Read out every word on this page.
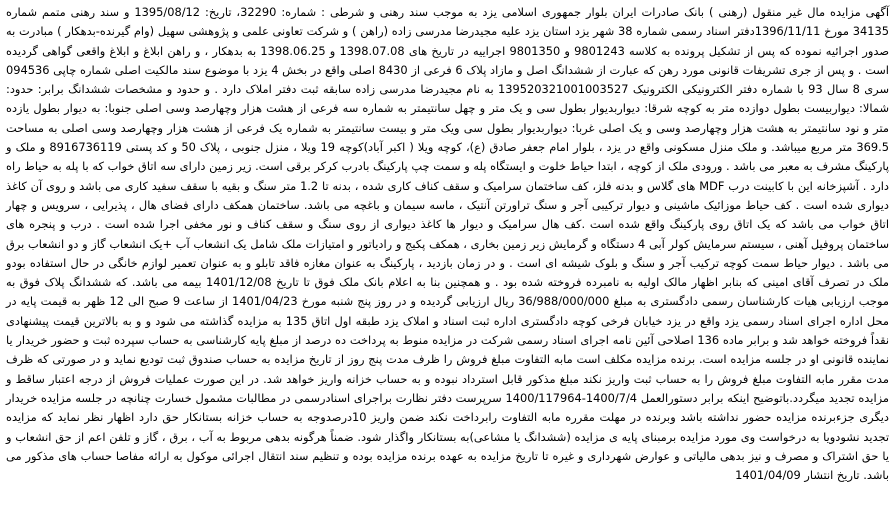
آگهی مزایده مال غیر منقول (رهنی ) بانک صادرات ایران بلوار جمهوری اسلامی یزد به موجب سند رهنی و شرطی : شماره: 32290، تاریخ: 1395/08/12 و سند رهنی متمم شماره 34135 مورخ 1396/11/11دفتر اسناد رسمی شماره 38 شهر یزد استان یزد علیه مجیدرضا مدرسی زاده (راهن ) و شرکت تعاونی علمی و پژوهشی سهیل (وام گیرنده-بدهکار ) مبادرت به صدور اجرائیه نموده که پس از تشکیل پرونده به کلاسه 9801243 و 9801350 اجراییه در تاریخ های 1398.07.08 و 1398.06.25 به بدهکار ، و راهن ابلاغ و ابلاغ واقعی گواهی گردیده است . و پس از جری تشریفات قانونی مورد رهن که عبارت از ششدانگ اصل و مازاد پلاک 6 فرعی از 8430 اصلی واقع در بخش 4 یزد با موضوع سند مالکیت اصلی شماره چاپی 094536 سری 8 سال 93 با شماره دفتر الکترونیکی الکترونیک 139520321001003527 به نام مجیدرضا مدرسی زاده سابقه ثبت دفتر املاک دارد . و حدود و مشخصات ششدانگ برابر: حدود: شمالا: دیواربیست بطول دوازده متر به کوچه شرقا: دیواربدیوار بطول سی و یک متر و چهل سانتیمتر به شماره سه فرعی از هشت هزار وچهارصد وسی اصلی جنوبا: به دیوار بطول یازده متر و نود سانتیمتر به هشت هزار وچهارصد وسی و یک اصلی غربا: دیواربدیوار بطول سی ویک متر و بیست سانتیمتر به شماره یک فرعی از هشت هزار وچهارصد وسی اصلی به مساحت 369.5 متر مربع میباشد. و ملک منزل مسکونی واقع در یزد ، بلوار امام جعفر صادق (ع)، کوچه ویلا ( اکبر آباد)کوچه 19 ویلا ، منزل جنوبی ، پلاک 50 و کد پستی 8916736119 و ملک و پارکینگ مشرف به معبر می باشد . ورودی ملک از کوچه ، ابتدا حیاط خلوت و ایستگاه پله و سمت چپ پارکینگ بادرب کرکر برقی است. زیر زمین دارای سه اتاق خواب که با پله به حیاط راه دارد . آشپزخانه این با کابینت درب MDF های گلاس و بدنه فلز، کف ساختمان سرامیک و سقف کناف کاری شده ، بدنه تا 1.2 متر سنگ و بقیه با سقف سفید کاری می باشد و روی آن کاغذ دیواری شده است . کف حیاط موزائیک ماشینی و دیوار ترکیبی آجر و سنگ تراورتن آنتیک ، ماسه سیمان و باغچه می باشد. ساختمان همکف دارای فضای هال ، پذیرایی ، سرویس و چهار اتاق خواب می باشد که یک اتاق روی پارکینگ واقع شده است .کف هال سرامیک و دیوار ها کاغذ دیواری از روی سنگ و سقف کناف و نور مخفی اجرا شده است . درب و پنجره های ساختمان پروفیل آهنی ، سیستم سرمایش کولر آبی 4 دستگاه و گرمایش زیر زمین بخاری ، همکف پکیج و رادیاتور و امتیازات ملک شامل یک انشعاب آب +یک انشعاب گاز و دو انشعاب برق می باشد . دیوار حیاط سمت کوچه ترکیب آجر و سنگ و بلوک شیشه ای است . و در زمان بازدید ، پارکینگ به عنوان مغازه فاقد تابلو و به عنوان تعمیر لوازم خانگی در حال استفاده بودو ملک در تصرف آقای امینی که بنابر اظهار مالک اولیه به نامبرده فروخته شده بود . و همچنین بنا به اعلام بانک ملک فوق تا تاریخ 1401/12/08 بیمه می باشد. که ششدانگ پلاک فوق به موجب ارزیابی هیات کارشناسان رسمی دادگستری به مبلغ 36/988/000/000 ریال ارزیابی گردیده و در روز پنج شنبه مورخ 1401/04/23 از ساعت 9 صبح الی 12 ظهر به قیمت پایه در محل اداره اجرای اسناد رسمی یزد واقع در یزد خیابان فرخی کوچه دادگستری اداره ثبت اسناد و املاک یزد طبقه اول اتاق 135 به مزایده گذاشته می شود و و به بالاترین قیمت پیشنهادی نقداً فروخته خواهد شد و برابر ماده 136 اصلاحی آئین نامه اجرای اسناد رسمی شرکت در مزایده منوط به پرداخت ده درصد از مبلغ پایه کارشناسی به حساب سپرده ثبت و حضور خریدار یا نماینده قانونی او در جلسه مزایده است. برنده مزایده مکلف است مابه التفاوت مبلغ فروش را ظرف مدت پنج روز از تاریخ مزایده به حساب صندوق ثبت تودیع نماید و در صورتی که ظرف مدت مقرر مابه التفاوت مبلغ فروش را به حساب ثبت واریز نکند مبلغ مذکور قابل استرداد نبوده و به حساب خزانه واریز خواهد شد. در این صورت عملیات فروش از درجه اعتبار ساقط و مزایده تجدید میگردد.باتوضیح اینکه برابر دستورالعمل 1400/7/4-1400/117964 سرپرست دفتر نظارت براجرای اسنادرسمی در مطالبات مشمول خسارت چنانچه در جلسه مزایده خریدار دیگری جزءبرنده مزایده حضور نداشته باشد وبرنده در مهلت مقرره مابه التفاوت رابرداخت نکند ضمن واریز 10درصدوجه به حساب خزانه بستانکار حق دارد اظهار نظر نماید که مزایده تجدید نشودویا به درخواست وی مورد مزایده برمبنای پایه ی مزایده (ششدانگ یا مشاعی)به بستانکار واگذار شود. ضمناً هرگونه بدهی مربوط به آب ، برق ، گاز و تلفن اعم از حق انشعاب و یا حق اشتراک و مصرف و نیز بدهی مالیاتی و عوارض شهرداری و غیره تا تاریخ مزایده به عهده برنده مزایده بوده و تنظیم سند انتقال اجرائی موکول به ارائه مفاصا حساب های مذکور می باشد. تاریخ انتشار 1401/04/09
